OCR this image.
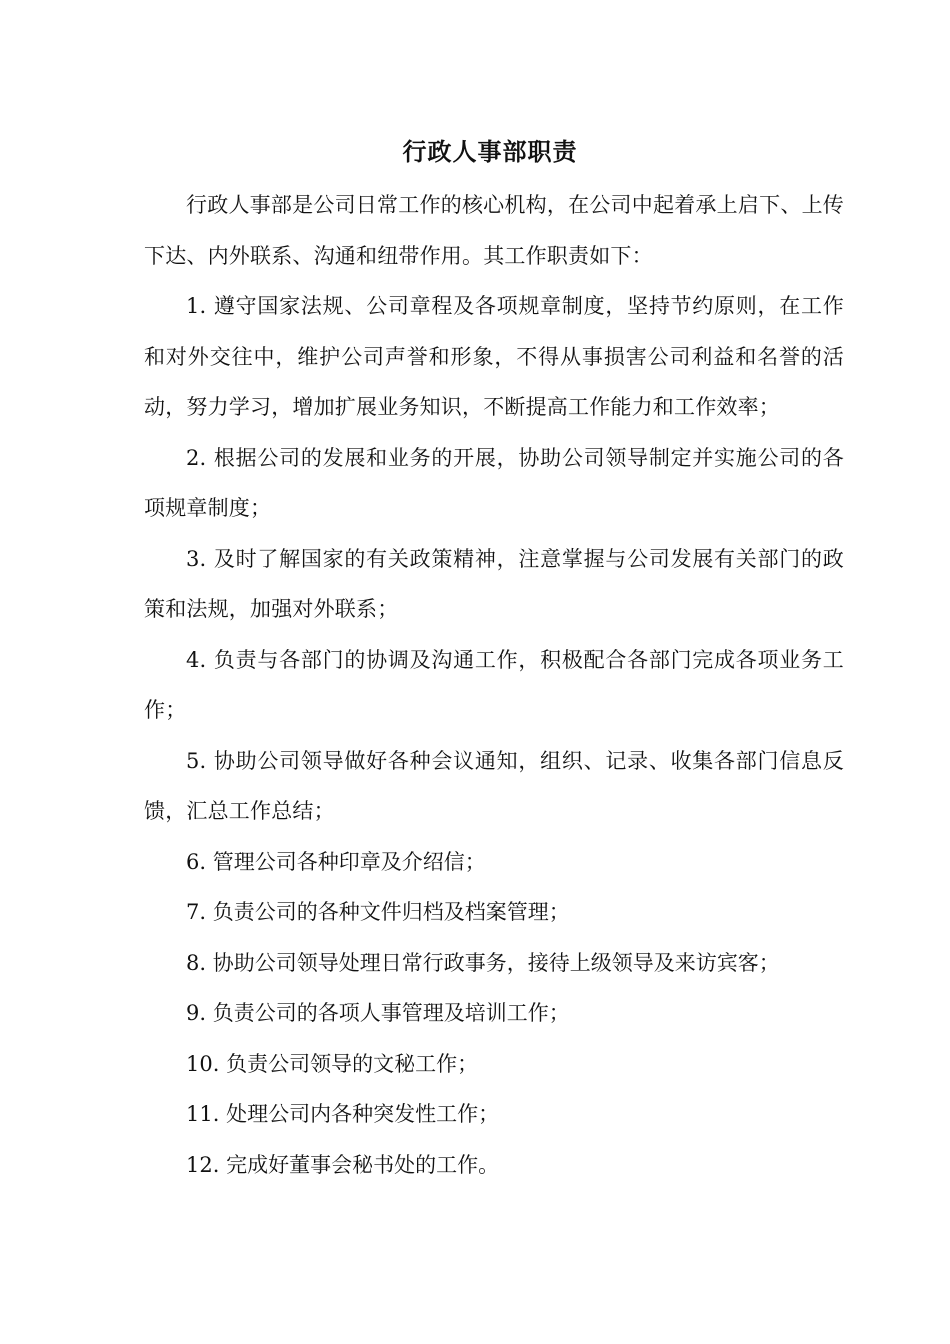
行政人事部职责

行政人事部是公司日常工作的核心机构，在公司中起着承上启下、上传下达、内外联系、沟通和纽带作用。其工作职责如下：

1. 遵守国家法规、公司章程及各项规章制度，坚持节约原则，在工作和对外交往中，维护公司声誉和形象，不得从事损害公司利益和名誉的活动，努力学习，增加扩展业务知识，不断提高工作能力和工作效率；

2. 根据公司的发展和业务的开展，协助公司领导制定并实施公司的各项规章制度；

3. 及时了解国家的有关政策精神，注意掌握与公司发展有关部门的政策和法规，加强对外联系；

4. 负责与各部门的协调及沟通工作，积极配合各部门完成各项业务工作；

5. 协助公司领导做好各种会议通知，组织、记录、收集各部门信息反馈，汇总工作总结；

6. 管理公司各种印章及介绍信；

7. 负责公司的各种文件归档及档案管理；

8. 协助公司领导处理日常行政事务，接待上级领导及来访宾客；

9. 负责公司的各项人事管理及培训工作；

10. 负责公司领导的文秘工作；

11. 处理公司内各种突发性工作；

12. 完成好董事会秘书处的工作。
